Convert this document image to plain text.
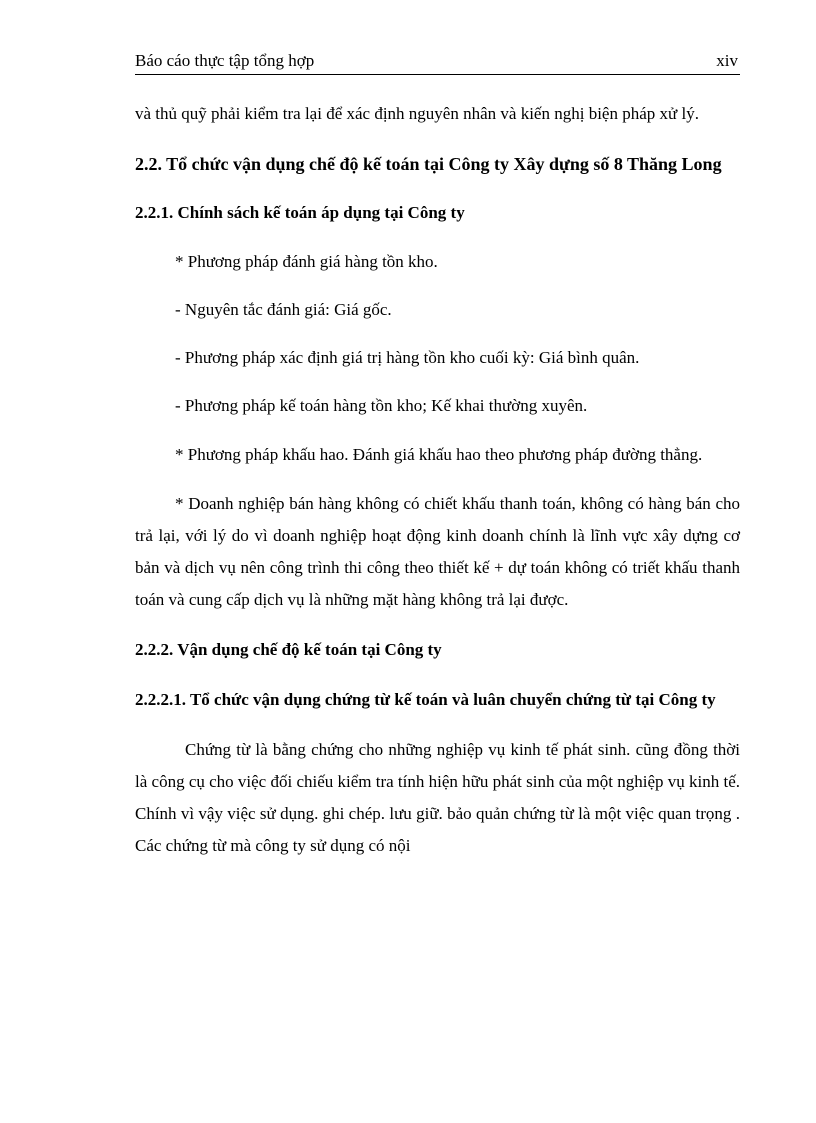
Báo cáo thực tập tổng hợp	xiv

và thủ quỹ phải kiểm tra lại để xác định nguyên nhân và kiến nghị biện pháp xử lý.

2.2. Tổ chức vận dụng chế độ kế toán tại Công ty Xây dựng số 8 Thăng Long

2.2.1. Chính sách kế toán áp dụng tại Công ty

* Phương pháp đánh giá hàng tồn kho.

- Nguyên tắc đánh giá: Giá gốc.

- Phương pháp xác định giá trị hàng tồn kho cuối kỳ: Giá bình quân.

- Phương pháp kế toán hàng tồn kho; Kế khai thường xuyên.

* Phương pháp khấu hao. Đánh giá khấu hao theo phương pháp đường thẳng.

* Doanh nghiệp bán hàng không có chiết khấu thanh toán, không có hàng bán cho trả lại, với lý do vì doanh nghiệp hoạt động kinh doanh chính là lĩnh vực xây dựng cơ bản và dịch vụ nên công trình thi công theo thiết kế + dự toán không có triết khấu thanh toán và cung cấp dịch vụ là những mặt hàng không trả lại được.

2.2.2. Vận dụng chế độ kế toán tại Công ty

2.2.2.1. Tổ chức vận dụng chứng từ kế toán và luân chuyển chứng từ tại Công ty

Chứng từ là bằng chứng cho những nghiệp vụ kinh tế phát sinh. cũng đồng thời là công cụ cho việc đối chiếu kiểm tra tính hiện hữu phát sinh của một nghiệp vụ kinh tế. Chính vì vậy việc sử dụng. ghi chép. lưu giữ. bảo quản chứng từ là một việc quan trọng . Các chứng từ mà công ty sử dụng có nội
